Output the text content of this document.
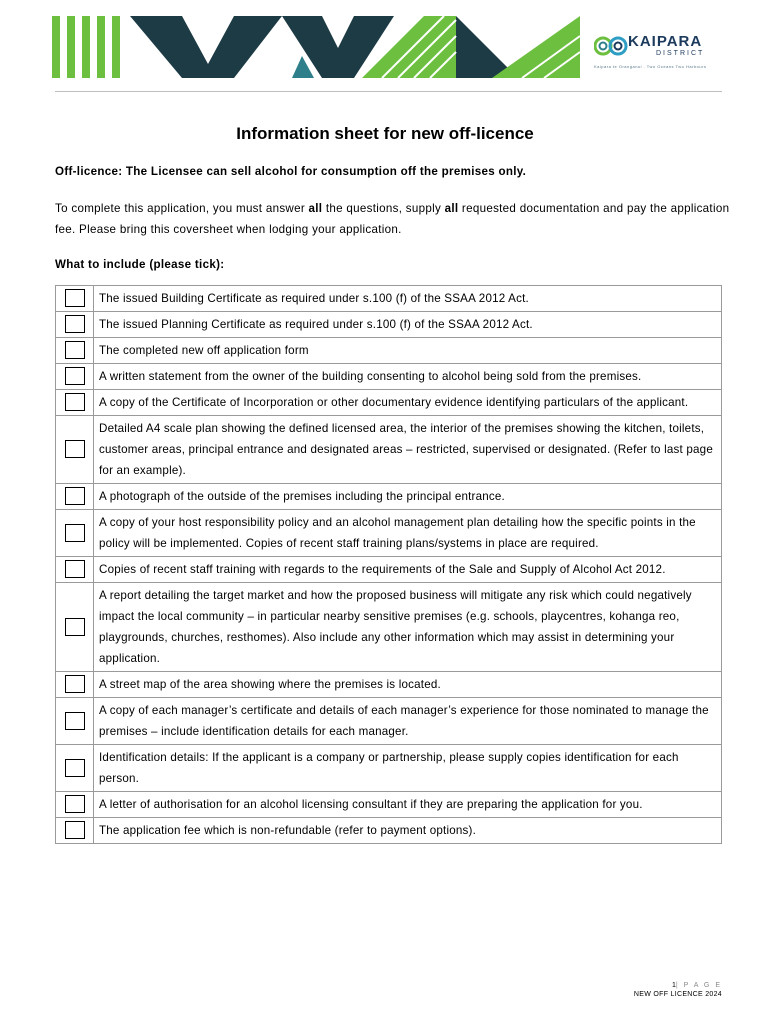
KAIPARA
DISTRICT
Kaipara te Oranganui . Two Oceans Two Harbours
Information sheet for new off-licence
Off-licence: The Licensee can sell alcohol for consumption off the premises only.
To complete this application, you must answer all the questions, supply all requested documentation and pay the application fee. Please bring this coversheet when lodging your application.
What to include (please tick):
	The issued Building Certificate as required under s.100 (f) of the SSAA 2012 Act.
	The issued Planning Certificate as required under s.100 (f) of the SSAA 2012 Act.
	The completed new off application form
	A written statement from the owner of the building consenting to alcohol being sold from the premises.
	A copy of the Certificate of Incorporation or other documentary evidence identifying particulars of the applicant.
	Detailed A4 scale plan showing the defined licensed area, the interior of the premises showing the kitchen, toilets, customer areas, principal entrance and designated areas – restricted, supervised or designated. (Refer to last page for an example).
	A photograph of the outside of the premises including the principal entrance.
	A copy of your host responsibility policy and an alcohol management plan detailing how the specific points in the policy will be implemented. Copies of recent staff training plans/systems in place are required.
	Copies of recent staff training with regards to the requirements of the Sale and Supply of Alcohol Act 2012.
	A report detailing the target market and how the proposed business will mitigate any risk which could negatively impact the local community – in particular nearby sensitive premises (e.g. schools, playcentres, kohanga reo, playgrounds, churches, resthomes). Also include any other information which may assist in determining your application.
	A street map of the area showing where the premises is located.
	A copy of each manager’s certificate and details of each manager’s experience for those nominated to manage the premises – include identification details for each manager.
	Identification details: If the applicant is a company or partnership, please supply copies identification for each person.
	A letter of authorisation for an alcohol licensing consultant if they are preparing the application for you.
	The application fee which is non-refundable (refer to payment options).
1| P A G E
NEW OFF LICENCE 2024
